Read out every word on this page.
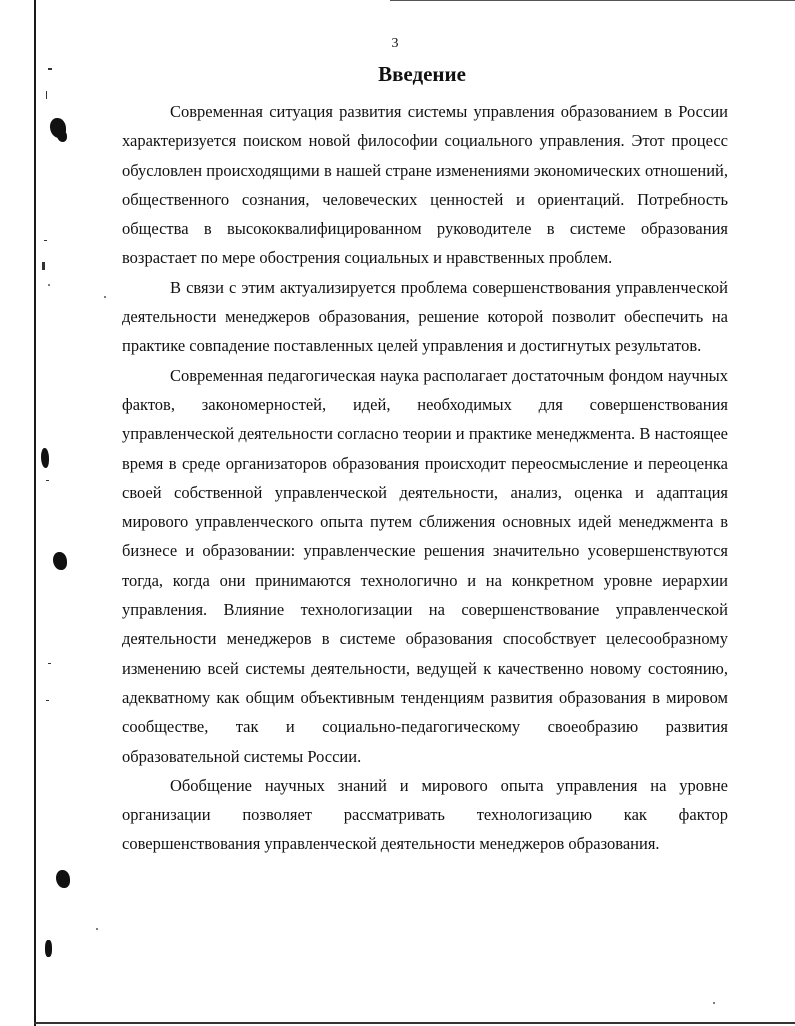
3
Введение

Современная ситуация развития системы управления образованием в России характеризуется поиском новой философии социального управления. Этот процесс обусловлен происходящими в нашей стране изменениями экономических отношений, общественного сознания, человеческих ценностей и ориентаций. Потребность общества в высококвалифицированном руководителе в системе образования возрастает по мере обострения социальных и нравственных проблем.

В связи с этим актуализируется проблема совершенствования управленческой деятельности менеджеров образования, решение которой позволит обеспечить на практике совпадение поставленных целей управления и достигнутых результатов.

Современная педагогическая наука располагает достаточным фондом научных фактов, закономерностей, идей, необходимых для совершенствования управленческой деятельности согласно теории и практике менеджмента. В настоящее время в среде организаторов образования происходит переосмысление и переоценка своей собственной управленческой деятельности, анализ, оценка и адаптация мирового управленческого опыта путем сближения основных идей менеджмента в бизнесе и образовании: управленческие решения значительно усовершенствуются тогда, когда они принимаются технологично и на конкретном уровне иерархии управления. Влияние технологизации на совершенствование управленческой деятельности менеджеров в системе образования способствует целесообразному изменению всей системы деятельности, ведущей к качественно новому состоянию, адекватному как общим объективным тенденциям развития образования в мировом сообществе, так и социально-педагогическому своеобразию развития образовательной системы России.

Обобщение научных знаний и мирового опыта управления на уровне организации позволяет рассматривать технологизацию как фактор совершенствования управленческой деятельности менеджеров образования.
